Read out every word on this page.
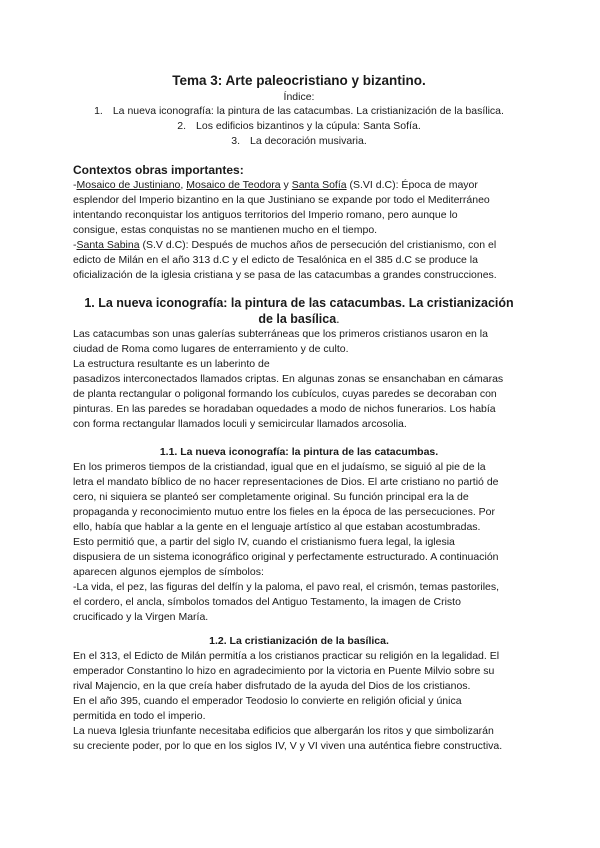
Tema 3: Arte paleocristiano y bizantino.
Índice:
1. La nueva iconografía: la pintura de las catacumbas. La cristianización de la basílica.
2. Los edificios bizantinos y la cúpula: Santa Sofía.
3. La decoración musivaria.
Contextos obras importantes:
-Mosaico de Justiniano, Mosaico de Teodora y Santa Sofía (S.VI d.C): Época de mayor
esplendor del Imperio bizantino en la que Justiniano se expande por todo el Mediterráneo
intentando reconquistar los antiguos territorios del Imperio romano, pero aunque lo
consigue, estas conquistas no se mantienen mucho en el tiempo.
-Santa Sabina (S.V d.C): Después de muchos años de persecución del cristianismo, con el
edicto de Milán en el año 313 d.C y el edicto de Tesalónica en el 385 d.C se produce la
oficialización de la iglesia cristiana y se pasa de las catacumbas a grandes construcciones.
1. La nueva iconografía: la pintura de las catacumbas. La cristianización
de la basílica.
Las catacumbas son unas galerías subterráneas que los primeros cristianos usaron en la
ciudad de Roma como lugares de enterramiento y de culto.
La estructura resultante es un laberinto de
pasadizos interconectados llamados criptas. En algunas zonas se ensanchaban en cámaras
de planta rectangular o poligonal formando los cubículos, cuyas paredes se decoraban con
pinturas. En las paredes se horadaban oquedades a modo de nichos funerarios. Los había
con forma rectangular llamados loculi y semicircular llamados arcosolia.
1.1. La nueva iconografía: la pintura de las catacumbas.
En los primeros tiempos de la cristiandad, igual que en el judaísmo, se siguió al pie de la
letra el mandato bíblico de no hacer representaciones de Dios. El arte cristiano no partió de
cero, ni siquiera se planteó ser completamente original. Su función principal era la de
propaganda y reconocimiento mutuo entre los fieles en la época de las persecuciones. Por
ello, había que hablar a la gente en el lenguaje artístico al que estaban acostumbradas.
Esto permitió que, a partir del siglo IV, cuando el cristianismo fuera legal, la iglesia
dispusiera de un sistema iconográfico original y perfectamente estructurado. A continuación
aparecen algunos ejemplos de símbolos:
-La vida, el pez, las figuras del delfín y la paloma, el pavo real, el crismón, temas pastoriles,
el cordero, el ancla, símbolos tomados del Antiguo Testamento, la imagen de Cristo
crucificado y la Virgen María.
1.2. La cristianización de la basílica.
En el 313, el Edicto de Milán permitía a los cristianos practicar su religión en la legalidad. El
emperador Constantino lo hizo en agradecimiento por la victoria en Puente Milvio sobre su
rival Majencio, en la que creía haber disfrutado de la ayuda del Dios de los cristianos.
En el año 395, cuando el emperador Teodosio lo convierte en religión oficial y única
permitida en todo el imperio.
La nueva Iglesia triunfante necesitaba edificios que albergarán los ritos y que simbolizarán
su creciente poder, por lo que en los siglos IV, V y VI viven una auténtica fiebre constructiva.
